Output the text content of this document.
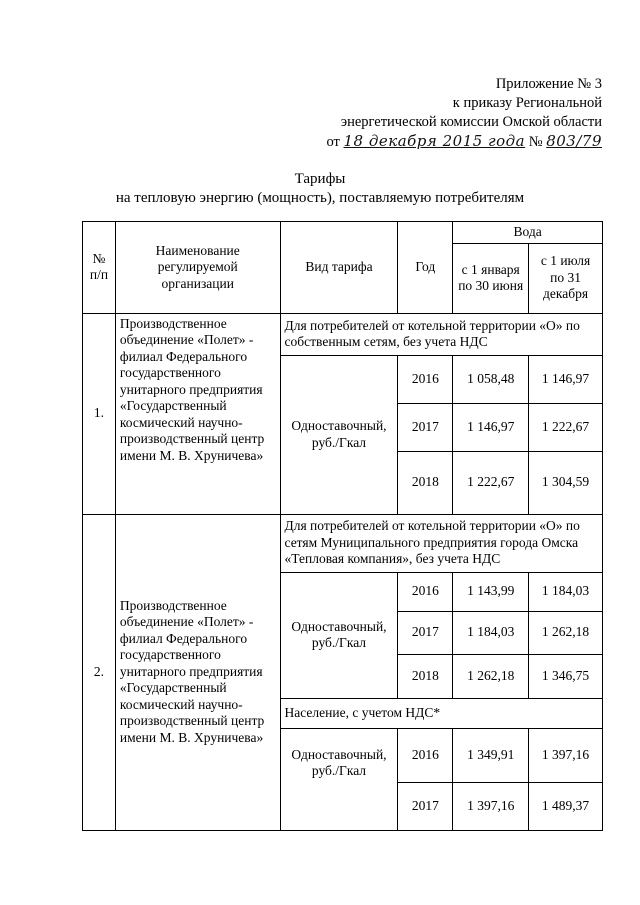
Приложение № 3
к приказу Региональной
энергетической комиссии Омской области
от 18 декабря 2015 года № 803/79
Тарифы
на тепловую энергию (мощность), поставляемую потребителям
№ п/п	Наименование регулируемой организации	Вид тарифа	Год	Вода	
				с 1 января по 30 июня	с 1 июля по 31 декабря
1.	Производственное объединение «Полет» - филиал Федерального государственного унитарного предприятия «Государственный космический научно-производственный центр имени М. В. Хруничева»	Для потребителей от котельной территории «О» по собственным сетям, без учета НДС			
		Одноставочный, руб./Гкал	2016	1 058,48	1 146,97
			2017	1 146,97	1 222,67
			2018	1 222,67	1 304,59
2.	Производственное объединение «Полет» - филиал Федерального государственного унитарного предприятия «Государственный космический научно-производственный центр имени М. В. Хруничева»	Для потребителей от котельной территории «О» по сетям Муниципального предприятия города Омска «Тепловая компания», без учета НДС			
		Одноставочный, руб./Гкал	2016	1 143,99	1 184,03
			2017	1 184,03	1 262,18
			2018	1 262,18	1 346,75
		Население, с учетом НДС*			
		Одноставочный, руб./Гкал	2016	1 349,91	1 397,16
			2017	1 397,16	1 489,37
